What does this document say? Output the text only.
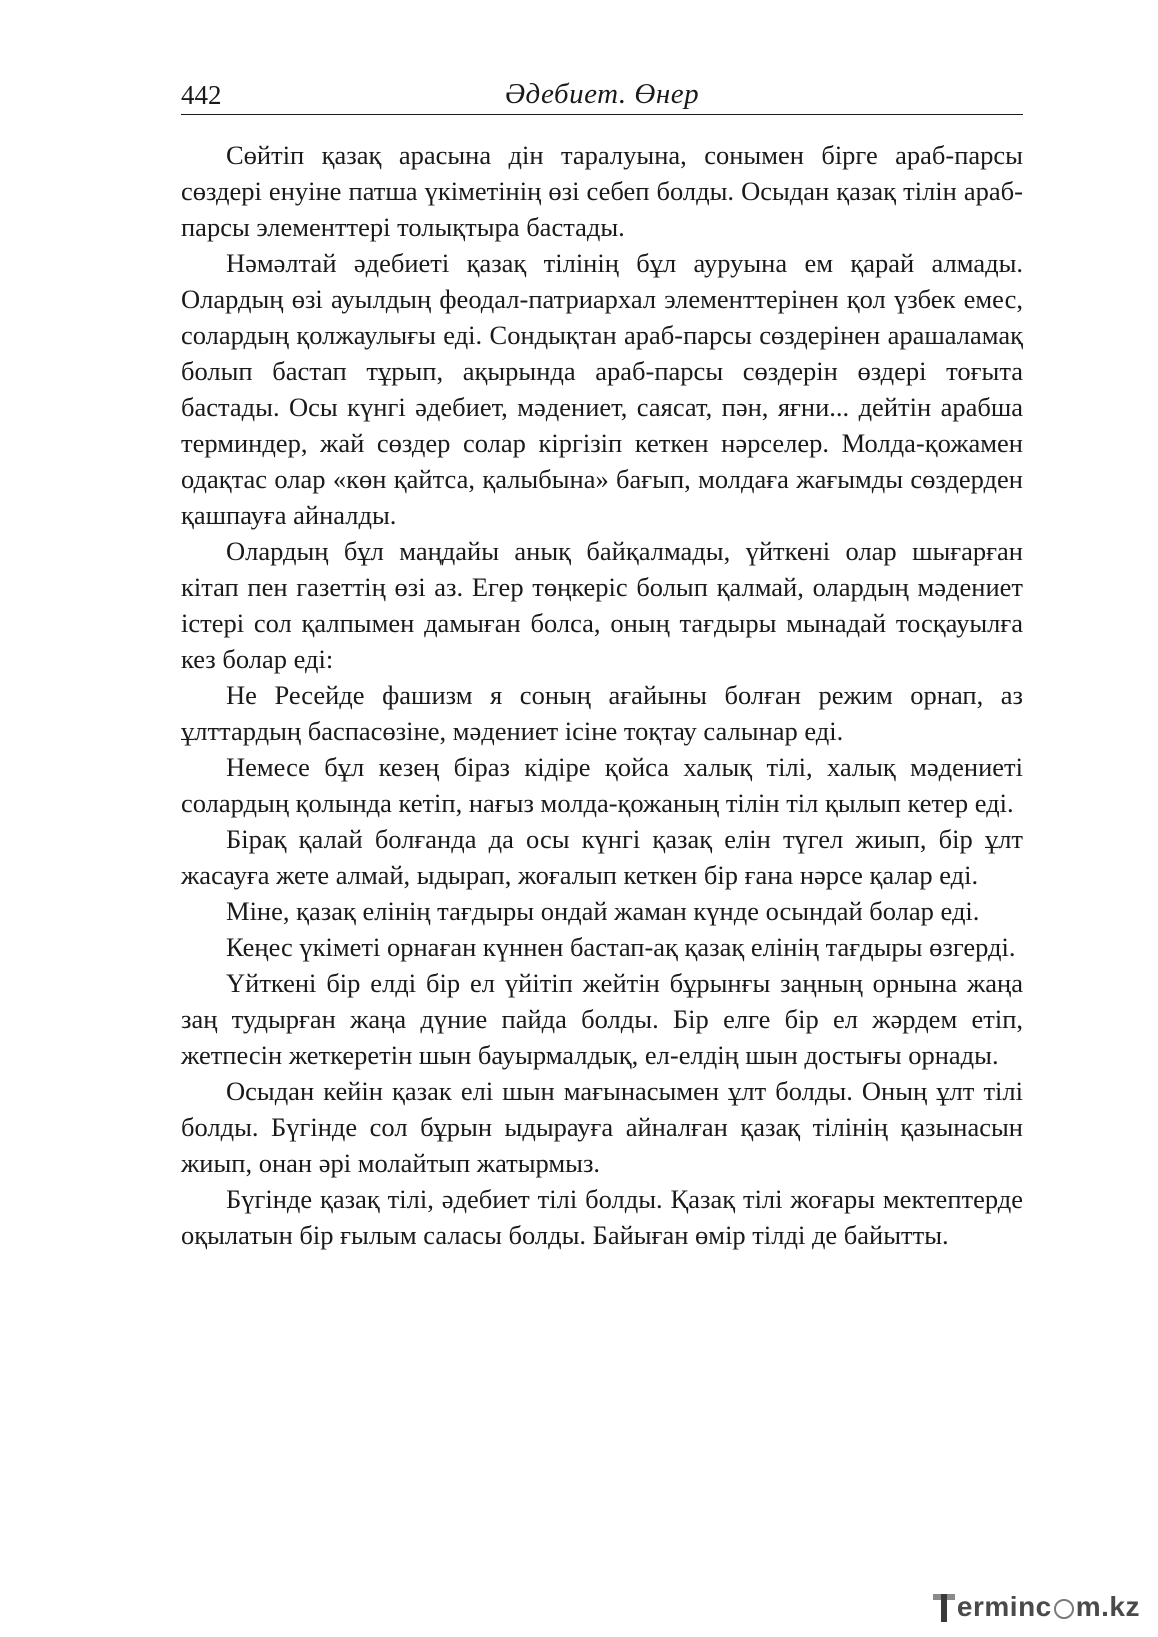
442	Әдебиет. Өнер

Сөйтіп қазақ арасына дін таралуына, сонымен бірге араб-парсы сөздері енуіне патша үкіметінің өзі себеп болды. Осыдан қазақ тілін араб-парсы элементтері толықтыра бастады.

Нәмәлтай әдебиеті қазақ тілінің бұл ауруына ем қарай алмады. Олардың өзі ауылдың феодал-патриархал элементтерінен қол үзбек емес, солардың қолжаулығы еді. Сондықтан араб-парсы сөздерінен арашаламақ болып бастап тұрып, ақырында араб-парсы сөздерін өздері тоғыта бастады. Осы күнгі әдебиет, мәдениет, саясат, пән, яғни... дейтін арабша терминдер, жай сөздер солар кіргізіп кеткен нәрселер. Молда-қожамен одақтас олар «көн қайтса, қалыбына» бағып, молдаға жағымды сөздерден қашпауға айналды.

Олардың бұл маңдайы анық байқалмады, үйткені олар шығарған кітап пен газеттің өзі аз. Егер төңкеріс болып қалмай, олардың мәдениет істері сол қалпымен дамыған болса, оның тағдыры мынадай тосқауылға кез болар еді:

Не Ресейде фашизм я соның ағайыны болған режим орнап, аз ұлттардың баспасөзіне, мәдениет ісіне тоқтау салынар еді.

Немесе бұл кезең біраз кідіре қойса халық тілі, халық мәдениеті солардың қолында кетіп, нағыз молда-қожаның тілін тіл қылып кетер еді.

Бірақ қалай болғанда да осы күнгі қазақ елін түгел жиып, бір ұлт жасауға жете алмай, ыдырап, жоғалып кеткен бір ғана нәрсе қалар еді.

Міне, қазақ елінің тағдыры ондай жаман күнде осындай болар еді.

Кеңес үкіметі орнаған күннен бастап-ақ қазақ елінің тағдыры өзгерді.

Үйткені бір елді бір ел үйітіп жейтін бұрынғы заңның орнына жаңа заң тудырған жаңа дүние пайда болды. Бір елге бір ел жәрдем етіп, жетпесін жеткеретін шын бауырмалдық, ел-елдің шын достығы орнады.

Осыдан кейін қазак елі шын мағынасымен ұлт болды. Оның ұлт тілі болды. Бүгінде сол бұрын ыдырауға айналған қазақ тілінің қазынасын жиып, онан әрі молайтып жатырмыз.

Бүгінде қазақ тілі, әдебиет тілі болды. Қазақ тілі жоғары мектептерде оқылатын бір ғылым саласы болды. Байыған өмір тілді де байытты.

ermin c m.kz
